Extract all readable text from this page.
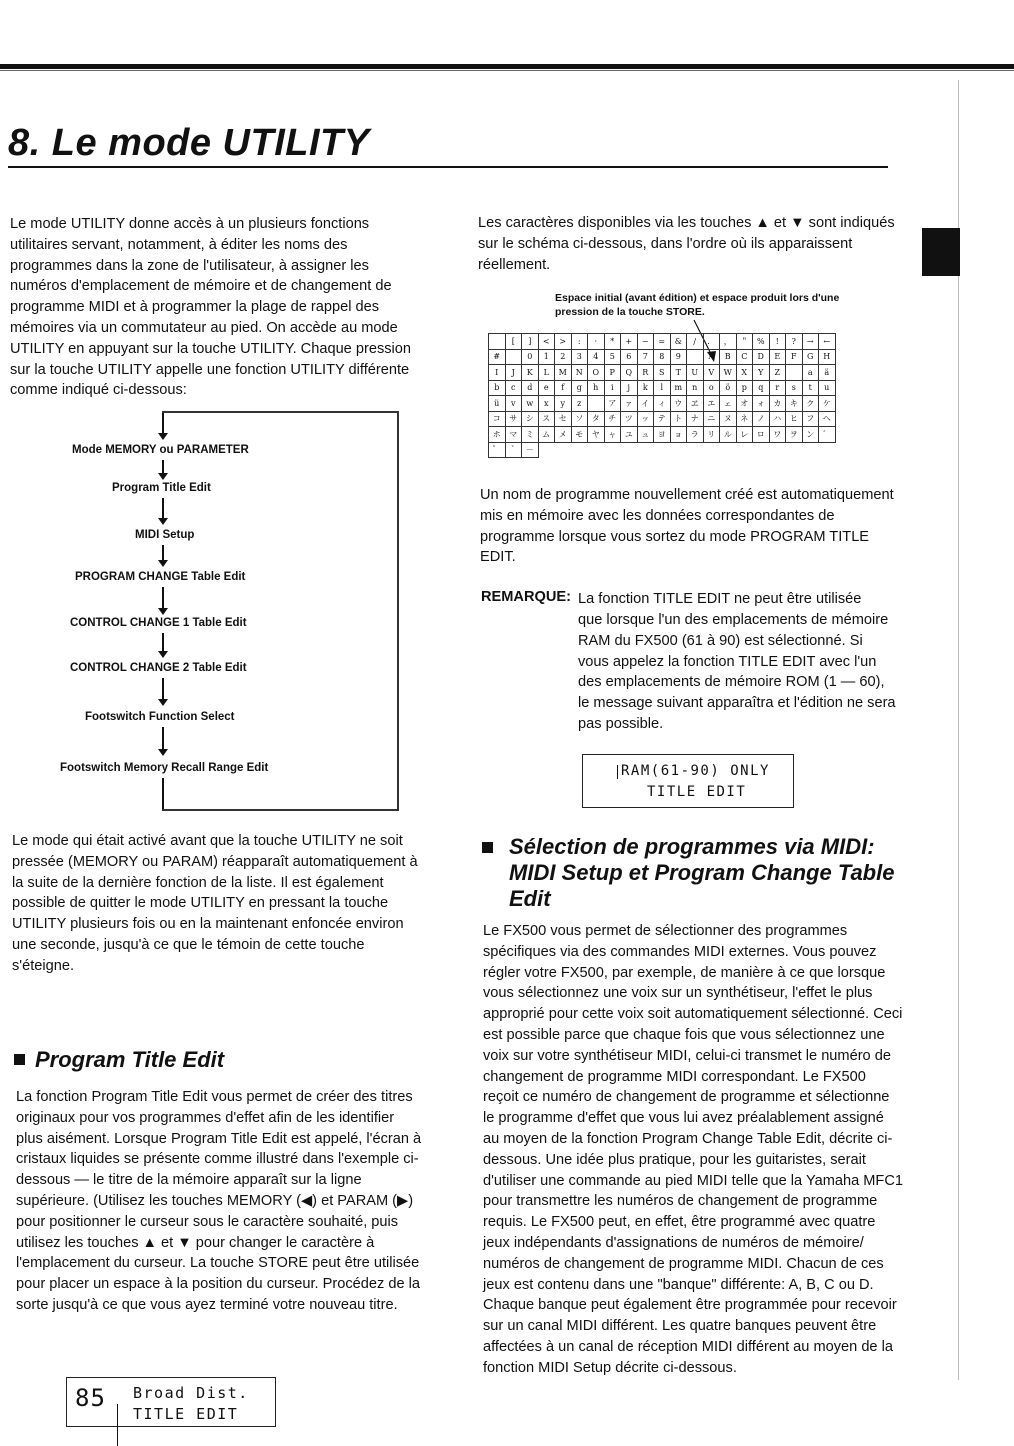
8. Le mode UTILITY

Le mode UTILITY donne accès à un plusieurs fonctions utilitaires servant, notamment, à éditer les noms des programmes dans la zone de l'utilisateur, à assigner les numéros d'emplacement de mémoire et de changement de programme MIDI et à programmer la plage de rappel des mémoires via un commutateur au pied. On accède au mode UTILITY en appuyant sur la touche UTILITY. Chaque pression sur la touche UTILITY appelle une fonction UTILITY différente comme indiqué ci-dessous:

Mode MEMORY ou PARAMETER
Program Title Edit
MIDI Setup
PROGRAM CHANGE Table Edit
CONTROL CHANGE 1 Table Edit
CONTROL CHANGE 2 Table Edit
Footswitch Function Select
Footswitch Memory Recall Range Edit

Le mode qui était activé avant que la touche UTILITY ne soit pressée (MEMORY ou PARAM) réapparaît automatiquement à la suite de la dernière fonction de la liste. Il est également possible de quitter le mode UTILITY en pressant la touche UTILITY plusieurs fois ou en la maintenant enfoncée environ une seconde, jusqu'à ce que le témoin de cette touche s'éteigne.

Program Title Edit

La fonction Program Title Edit vous permet de créer des titres originaux pour vos programmes d'effet afin de les identifier plus aisément. Lorsque Program Title Edit est appelé, l'écran à cristaux liquides se présente comme illustré dans l'exemple ci-dessous — le titre de la mémoire apparaît sur la ligne supérieure. (Utilisez les touches MEMORY (◀) et PARAM (▶) pour positionner le curseur sous le caractère souhaité, puis utilisez les touches ▲ et ▼ pour changer le caractère à l'emplacement du curseur. La touche STORE peut être utilisée pour placer un espace à la position du curseur. Procédez de la sorte jusqu'à ce que vous ayez terminé votre nouveau titre.

85 Broad Dist.
TITLE EDIT

Les caractères disponibles via les touches ▲ et ▼ sont indiqués sur le schéma ci-dessous, dans l'ordre où ils apparaissent réellement.

Espace initial (avant édition) et espace produit lors d'une pression de la touche STORE.
	[	]	<	>	:	·	*	+	−	=	&	/	．	，	＂	%	!	?	→	←
#		0	1	2	3	4	5	6	7	8	9		A	B	C	D	E	F	G	H
I	J	K	L	M	N	O	P	Q	R	S	T	U	V	W	X	Y	Z		a	ä
b	c	d	e	f	g	h	i	j	k	l	m	n	o	ö	p	q	r	s	t	u
ü	v	w	x	y	z		ア	ァ	イ	ィ	ウ	ヱ	エ	ェ	オ	ォ	カ	キ	ク	ケ
コ	サ	シ	ス	セ	ソ	タ	チ	ツ	ッ	テ	ト	ナ	ニ	ヌ	ネ	ノ	ハ	ヒ	フ	ヘ
ホ	マ	ミ	ム	メ	モ	ヤ	ャ	ユ	ュ	ヨ	ョ	ラ	リ	ル	レ	ロ	ワ	ヲ	ン	゛
゜	ﾞ	－																		

Un nom de programme nouvellement créé est automatiquement mis en mémoire avec les données correspondantes de programme lorsque vous sortez du mode PROGRAM TITLE EDIT.

REMARQUE: La fonction TITLE EDIT ne peut être utilisée

que lorsque l'un des emplacements de mémoire RAM du FX500 (61 à 90) est sélectionné. Si vous appelez la fonction TITLE EDIT avec l'un des emplacements de mémoire ROM (1 — 60), le message suivant apparaîtra et l'édition ne sera pas possible.

RAM(61-90) ONLY
TITLE EDIT
Sélection de programmes via MIDI: MIDI Setup et Program Change Table Edit

Le FX500 vous permet de sélectionner des programmes spécifiques via des commandes MIDI externes. Vous pouvez régler votre FX500, par exemple, de manière à ce que lorsque vous sélectionnez une voix sur un synthétiseur, l'effet le plus approprié pour cette voix soit automatiquement sélectionné. Ceci est possible parce que chaque fois que vous sélectionnez une voix sur votre synthétiseur MIDI, celui-ci transmet le numéro de changement de programme MIDI correspondant. Le FX500 reçoit ce numéro de changement de programme et sélectionne le programme d'effet que vous lui avez préalablement assigné au moyen de la fonction Program Change Table Edit, décrite ci-dessous. Une idée plus pratique, pour les guitaristes, serait d'utiliser une commande au pied MIDI telle que la Yamaha MFC1 pour transmettre les numéros de changement de programme requis. Le FX500 peut, en effet, être programmé avec quatre jeux indépendants d'assignations de numéros de mémoire/ numéros de changement de programme MIDI. Chacun de ces jeux est contenu dans une "banque" différente: A, B, C ou D. Chaque banque peut également être programmée pour recevoir sur un canal MIDI différent. Les quatre banques peuvent être affectées à un canal de réception MIDI différent au moyen de la fonction MIDI Setup décrite ci-dessous.
